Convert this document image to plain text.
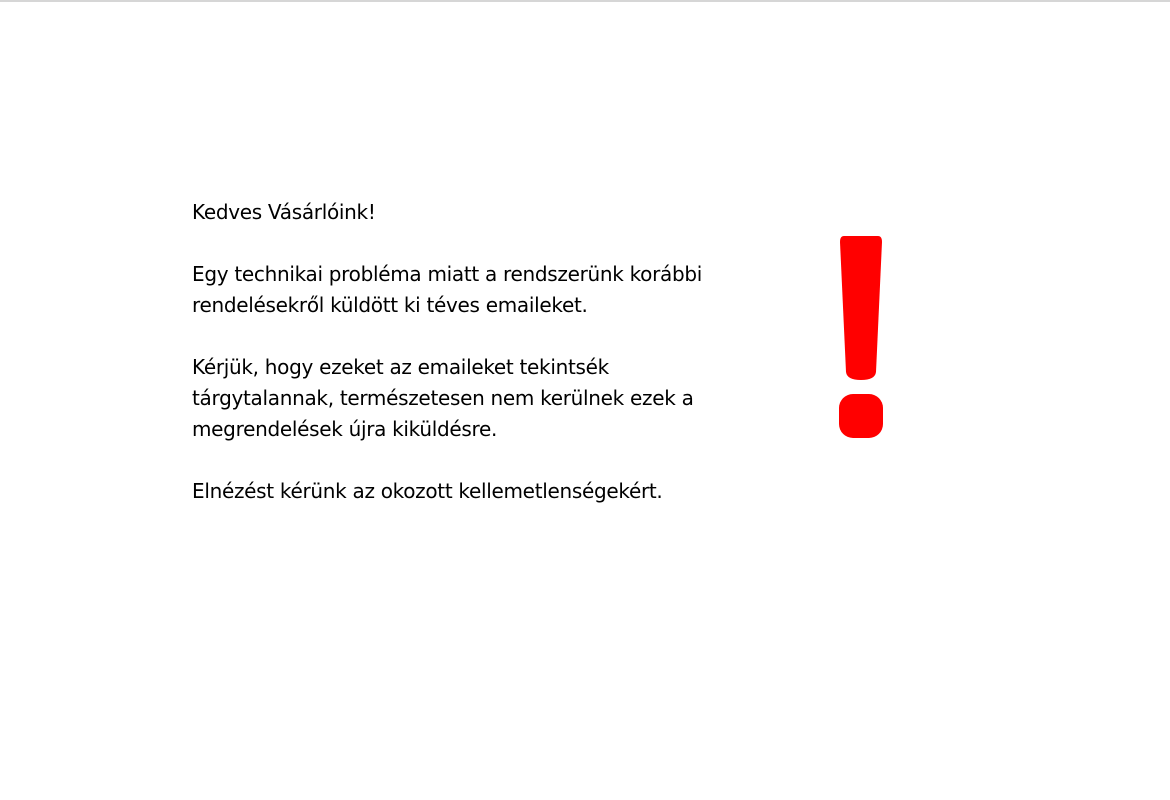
Kedves Vásárlóink!

Egy technikai probléma miatt a rendszerünk korábbi
rendelésekről küldött ki téves emaileket.

Kérjük, hogy ezeket az emaileket tekintsék
tárgytalannak, természetesen nem kerülnek ezek a
megrendelések újra kiküldésre.

Elnézést kérünk az okozott kellemetlenségekért.
